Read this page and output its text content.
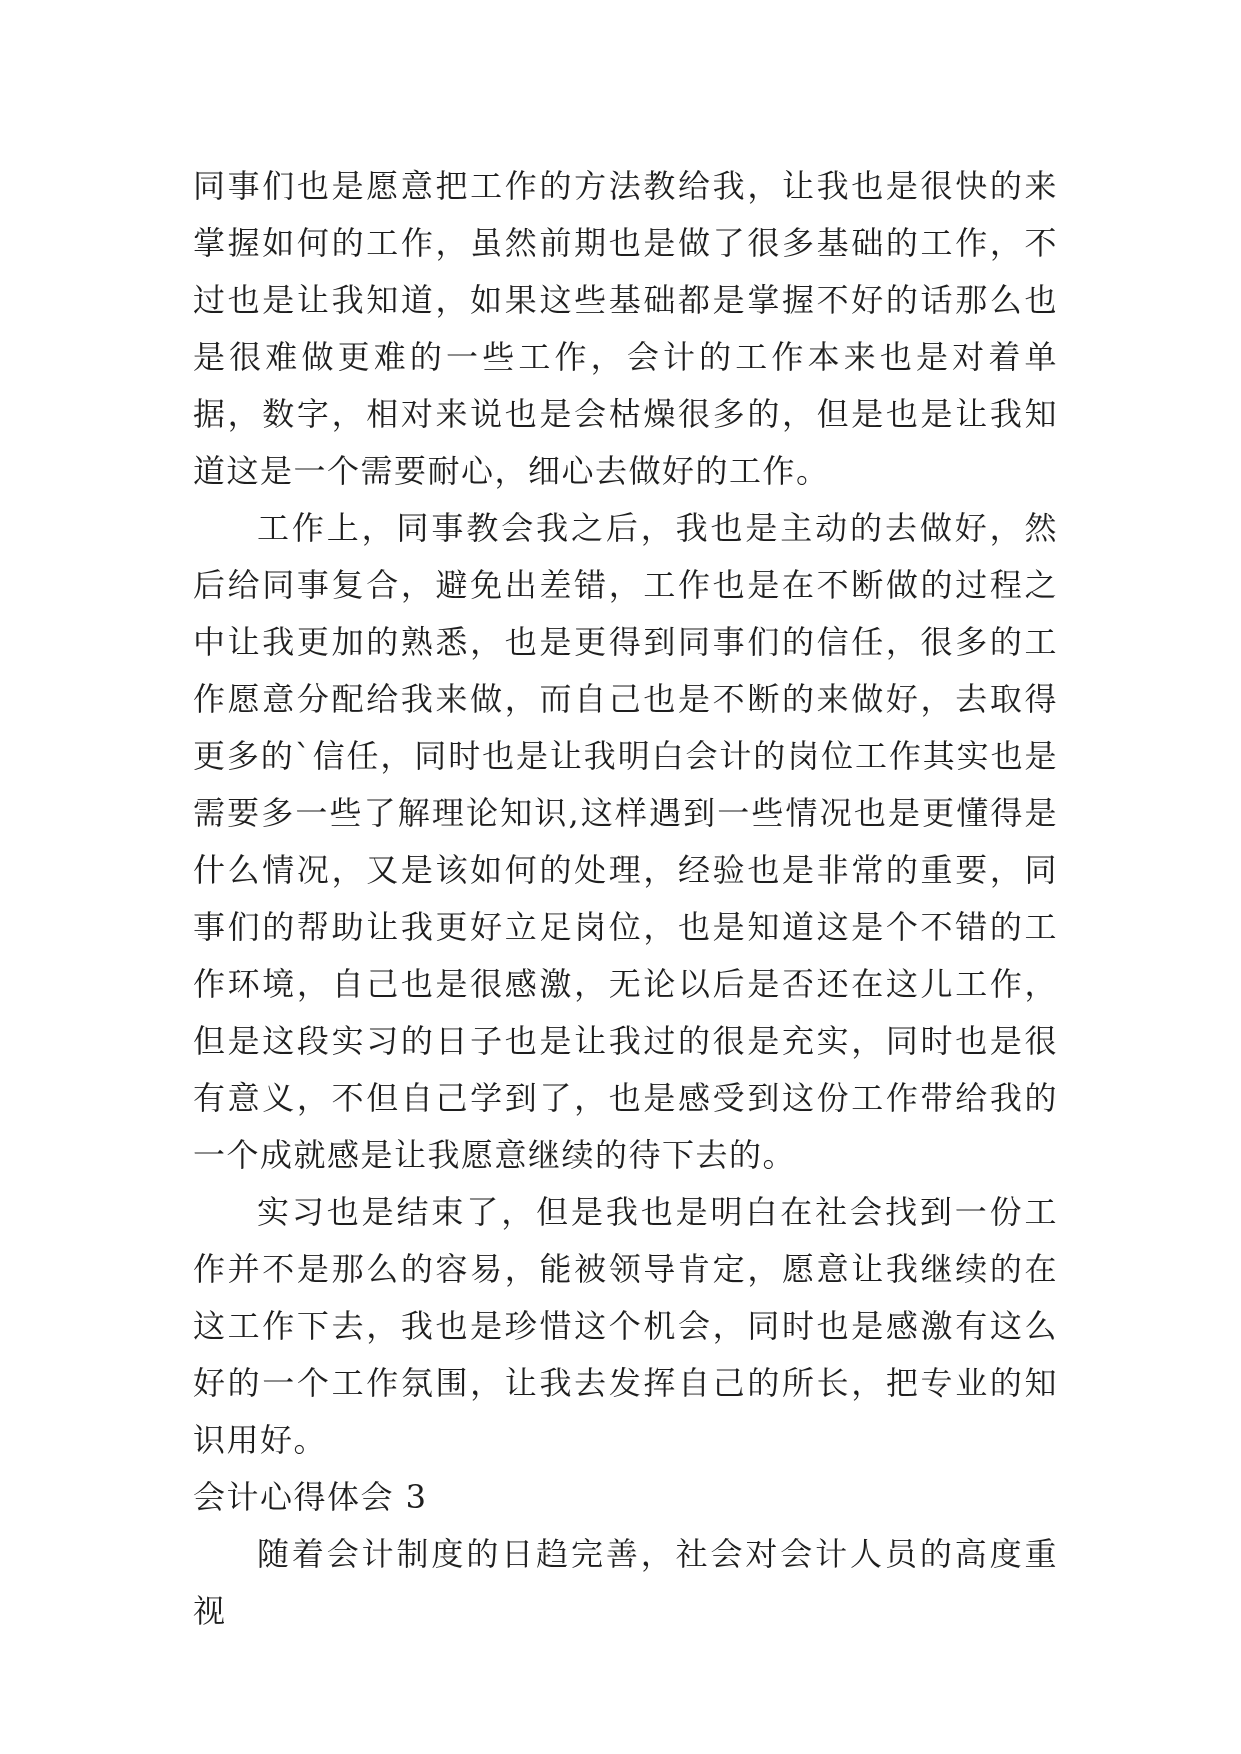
同事们也是愿意把工作的方法教给我，让我也是很快的来掌握如何的工作，虽然前期也是做了很多基础的工作，不过也是让我知道，如果这些基础都是掌握不好的话那么也是很难做更难的一些工作，会计的工作本来也是对着单据，数字，相对来说也是会枯燥很多的，但是也是让我知道这是一个需要耐心，细心去做好的工作。

工作上，同事教会我之后，我也是主动的去做好，然后给同事复合，避免出差错，工作也是在不断做的过程之中让我更加的熟悉，也是更得到同事们的信任，很多的工作愿意分配给我来做，而自己也是不断的来做好，去取得更多的`信任，同时也是让我明白会计的岗位工作其实也是需要多一些了解理论知识,这样遇到一些情况也是更懂得是什么情况，又是该如何的处理，经验也是非常的重要，同事们的帮助让我更好立足岗位，也是知道这是个不错的工作环境，自己也是很感激，无论以后是否还在这儿工作，但是这段实习的日子也是让我过的很是充实，同时也是很有意义，不但自己学到了，也是感受到这份工作带给我的一个成就感是让我愿意继续的待下去的。

实习也是结束了，但是我也是明白在社会找到一份工作并不是那么的容易，能被领导肯定，愿意让我继续的在这工作下去，我也是珍惜这个机会，同时也是感激有这么好的一个工作氛围，让我去发挥自己的所长，把专业的知识用好。

会计心得体会 3

随着会计制度的日趋完善，社会对会计人员的高度重视
